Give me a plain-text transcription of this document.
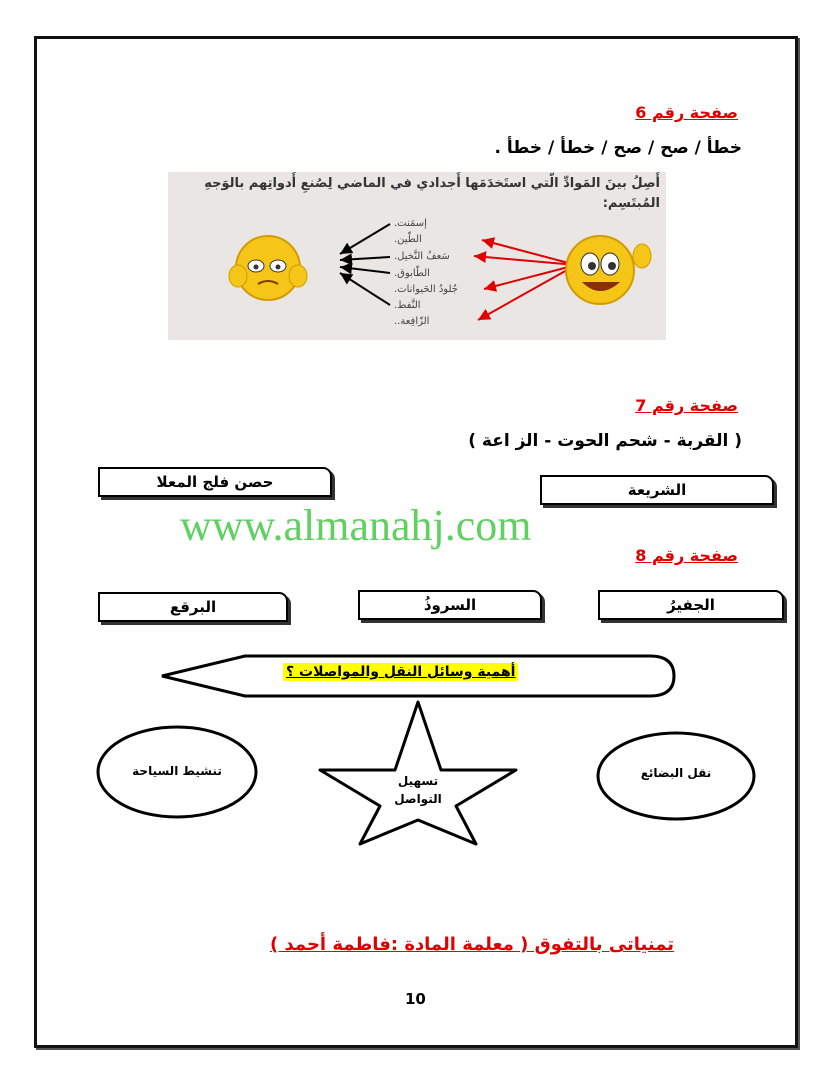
صفحة رقم 6
خطأ / صح / صح / خطأ / خطأ .
أَصِلُ بينَ المَوادِّ الّتي استَخدَمَها أَجدادي في الماضي لِصُنعِ أَدواتِهم بالوَجهِ
المُبتَسِم:
إسمَنت.
الطّين.
سَعفُ النَّخيل.
الطّابوق.
جُلودُ الحَيوانات.
النَّفط.
الزّافِعة..
صفحة رقم 7
( القربة - شحم الحوت - الز اعة )
الشريعة
حصن فلج المعلا
www.almanahj.com
صفحة رقم 8
الجفيرُ
السروذُ
البرقع
أهمية وسائل النقل والمواصلات ؟
نقل البضائع
تنشيط السياحة
تسهيل
التواصل
تمنياتى بالتفوق ( معلمة المادة :فاطمة أحمد )
10
